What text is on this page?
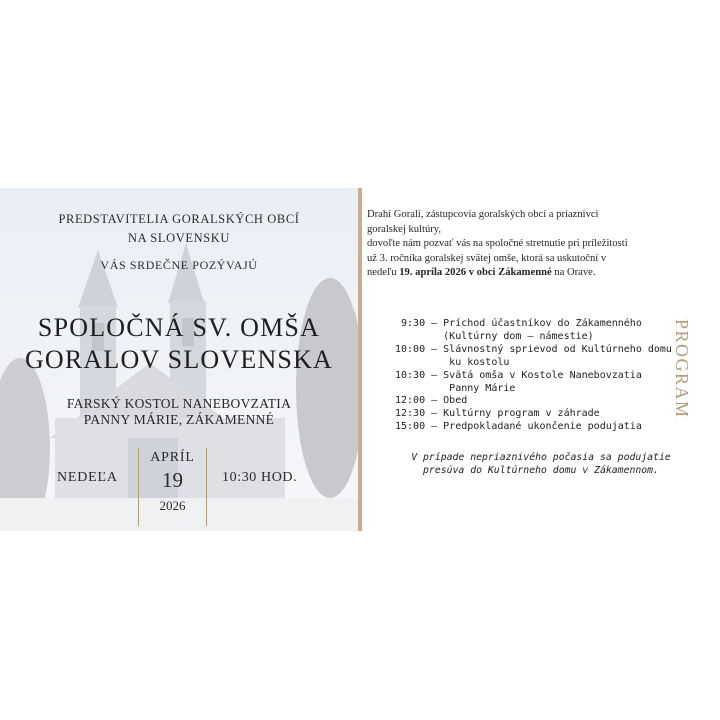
PREDSTAVITELIA GORALSKÝCH OBCÍ
NA SLOVENSKU
VÁS SRDEČNE POZÝVAJÚ
SPOLOČNÁ SV. OMŠA
GORALOV SLOVENSKA
FARSKÝ KOSTOL NANEBOVZATIA
PANNY MÁRIE, ZÁKAMENNÉ
NEDEĽA
APRÍL
19
2026
10:30 HOD.
Drahí Gorali, zástupcovia goralských obcí a priaznivci
goralskej kultúry,
dovoľte nám pozvať vás na spoločné stretnutie pri príležitosti
už 3. ročníka goralskej svätej omše, ktorá sa uskutoční v
nedeľu 19. apríla 2026 v obci Zákamenné na Orave.
9:30 – Príchod účastníkov do Zákamenného
(Kultúrny dom – námestie)
10:00 – Slávnostný sprievod od Kultúrneho domu
ku kostolu
10:30 – Svätá omša v Kostole Nanebovzatia
Panny Márie
12:00 – Obed
12:30 – Kultúrny program v záhrade
15:00 – Predpokladané ukončenie podujatia
PROGRAM
V prípade nepriaznivého počasia sa podujatie
presúva do Kultúrneho domu v Zákamennom.
